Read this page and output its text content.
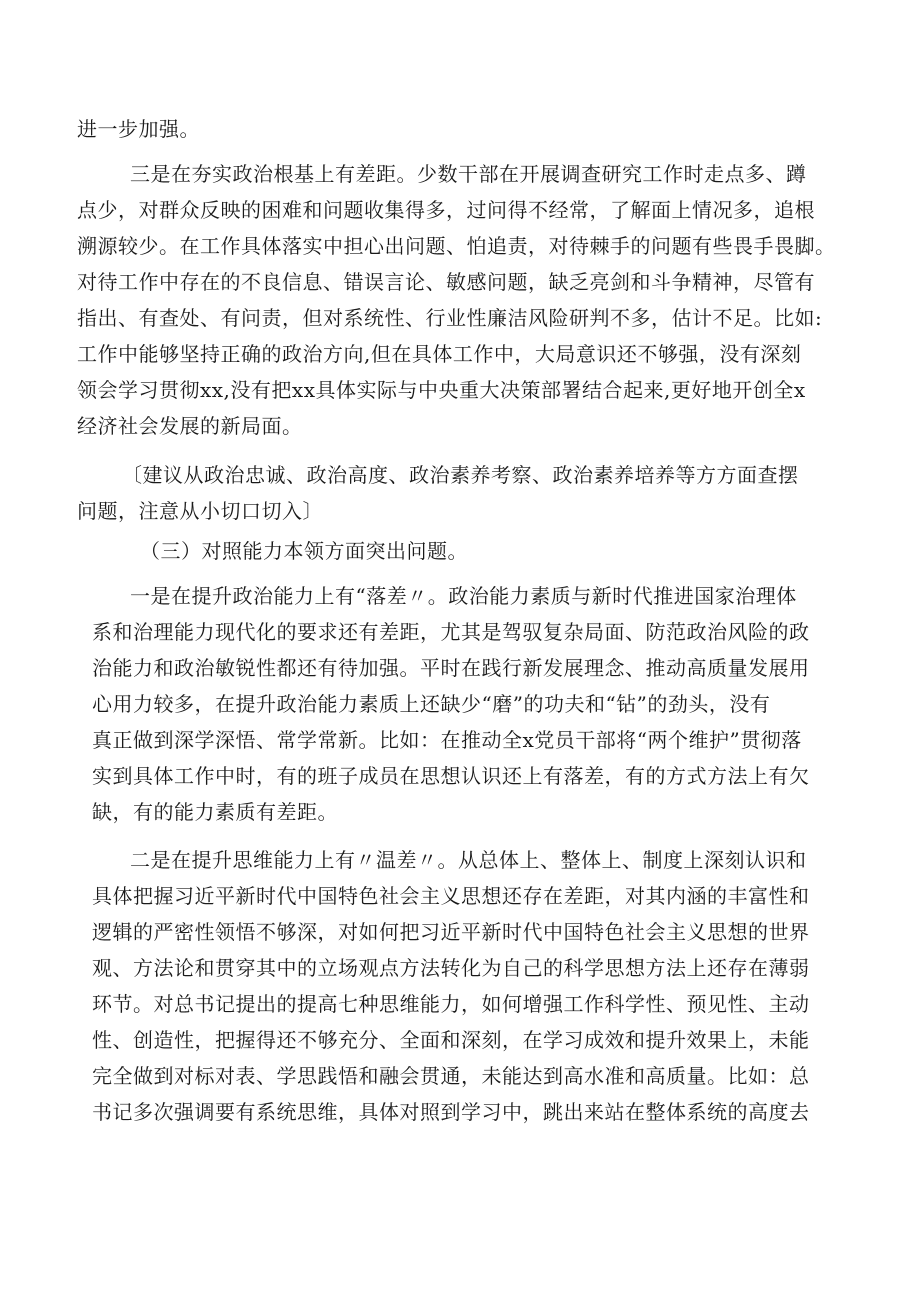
进一步加强。
三是在夯实政治根基上有差距。少数干部在开展调查研究工作时走点多、蹲
点少，对群众反映的困难和问题收集得多，过问得不经常，了解面上情况多，追根
溯源较少。在工作具体落实中担心出问题、怕追责，对待棘手的问题有些畏手畏脚。
对待工作中存在的不良信息、错误言论、敏感问题，缺乏亮剑和斗争精神，尽管有
指出、有查处、有问责，但对系统性、行业性廉洁风险研判不多，估计不足。比如:
工作中能够坚持正确的政治方向,但在具体工作中，大局意识还不够强，没有深刻
领会学习贯彻xx,没有把xx具体实际与中央重大决策部署结合起来,更好地开创全x
经济社会发展的新局面。
〔建议从政治忠诚、政治高度、政治素养考察、政治素养培养等方方面查摆
问题，注意从小切口切入〕
（三）对照能力本领方面突出问题。
一是在提升政治能力上有“落差〃。政治能力素质与新时代推进国家治理体
系和治理能力现代化的要求还有差距，尤其是驾驭复杂局面、防范政治风险的政
治能力和政治敏锐性都还有待加强。平时在践行新发展理念、推动高质量发展用
心用力较多，在提升政治能力素质上还缺少“磨”的功夫和“钻”的劲头，没有
真正做到深学深悟、常学常新。比如：在推动全x党员干部将“两个维护”贯彻落
实到具体工作中时，有的班子成员在思想认识还上有落差，有的方式方法上有欠
缺，有的能力素质有差距。
二是在提升思维能力上有〃温差〃。从总体上、整体上、制度上深刻认识和
具体把握习近平新时代中国特色社会主义思想还存在差距，对其内涵的丰富性和
逻辑的严密性领悟不够深，对如何把习近平新时代中国特色社会主义思想的世界
观、方法论和贯穿其中的立场观点方法转化为自己的科学思想方法上还存在薄弱
环节。对总书记提出的提高七种思维能力，如何增强工作科学性、预见性、主动
性、创造性，把握得还不够充分、全面和深刻，在学习成效和提升效果上，未能
完全做到对标对表、学思践悟和融会贯通，未能达到高水准和高质量。比如：总
书记多次强调要有系统思维，具体对照到学习中，跳出来站在整体系统的高度去
